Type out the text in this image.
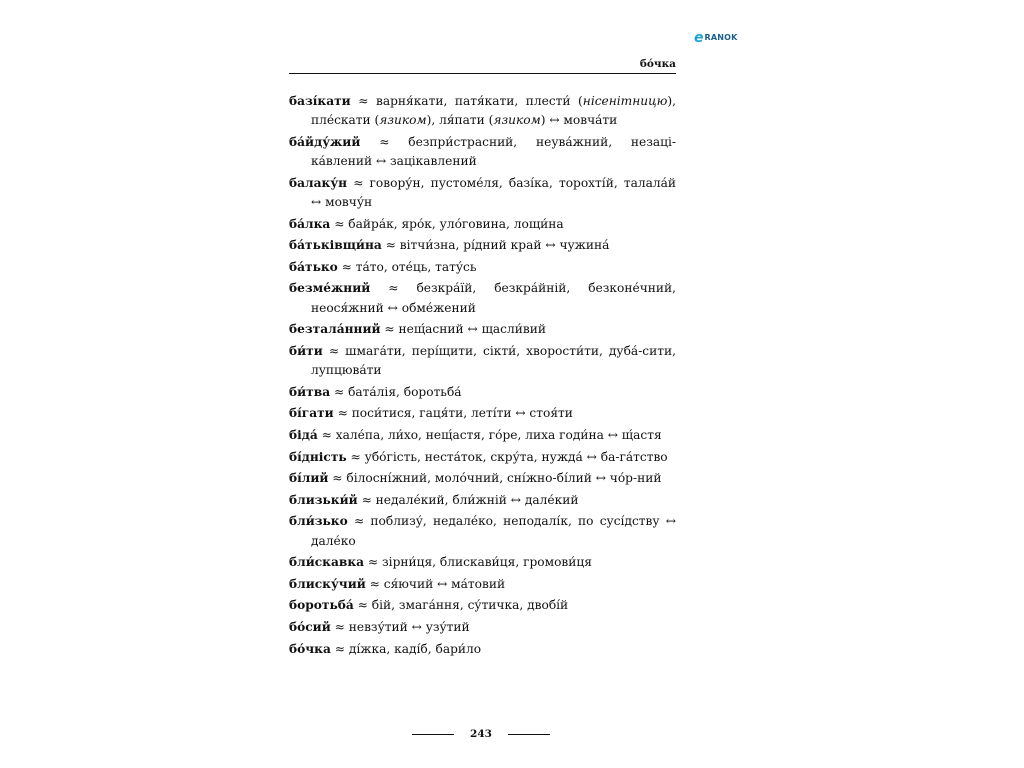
e RANOK
бо́чка
базі́кати ≈ варня́кати, патя́кати, плести́ (нісенітницю), пле́скати (язиком), ля́пати (язиком) ↔ мовча́ти
ба́йду́жий ≈ безпри́страсний, неува́жний, незаці-ка́влений ↔ зацікавлений
балаку́н ≈ говору́н, пустоме́ля, базі́ка, торохті́й, талала́й ↔ мовчу́н
ба́лка ≈ байра́к, яро́к, уло́говина, лощи́на
ба́тьківщи́на ≈ вітчи́зна, рі́дний край ↔ чужина́
ба́тько ≈ та́то, оте́ць, тату́сь
безме́жний ≈ безкра́їй, безкра́йній, безконе́чний, неося́жний ↔ обме́жений
безтала́нний ≈ нещ́асний ↔ щасли́вий
би́ти ≈ шмага́ти, пері́щити, сікти́, хворости́ти, дуба́-сити, лупцюва́ти
би́тва ≈ бата́лія, боротьба́
бі́гати ≈ поси́тися, гаця́ти, леті́ти ↔ стоя́ти
біда́ ≈ хале́па, ли́хо, нещ́астя, го́ре, лиха годи́на ↔ щ́астя
бі́дність ≈ убо́гість, неста́ток, скру́та, нужда́ ↔ ба-га́тство
бі́лий ≈ білосні́жний, моло́чний, сні́жно-бі́лий ↔ чо́р-ний
близьки́й ≈ недале́кий, бли́жній ↔ дале́кий
бли́зько ≈ поблизу́, недале́ко, неподалі́к, по сусі́дству ↔ дале́ко
бли́скавка ≈ зірни́ця, блискави́ця, громови́ця
блиску́чий ≈ ся́ючий ↔ ма́товий
боротьба́ ≈ бій, змага́ння, су́тичка, двобі́й
бо́сий ≈ невзу́тий ↔ узу́тий
бо́чка ≈ ді́жка, каді́б, бари́ло
243
